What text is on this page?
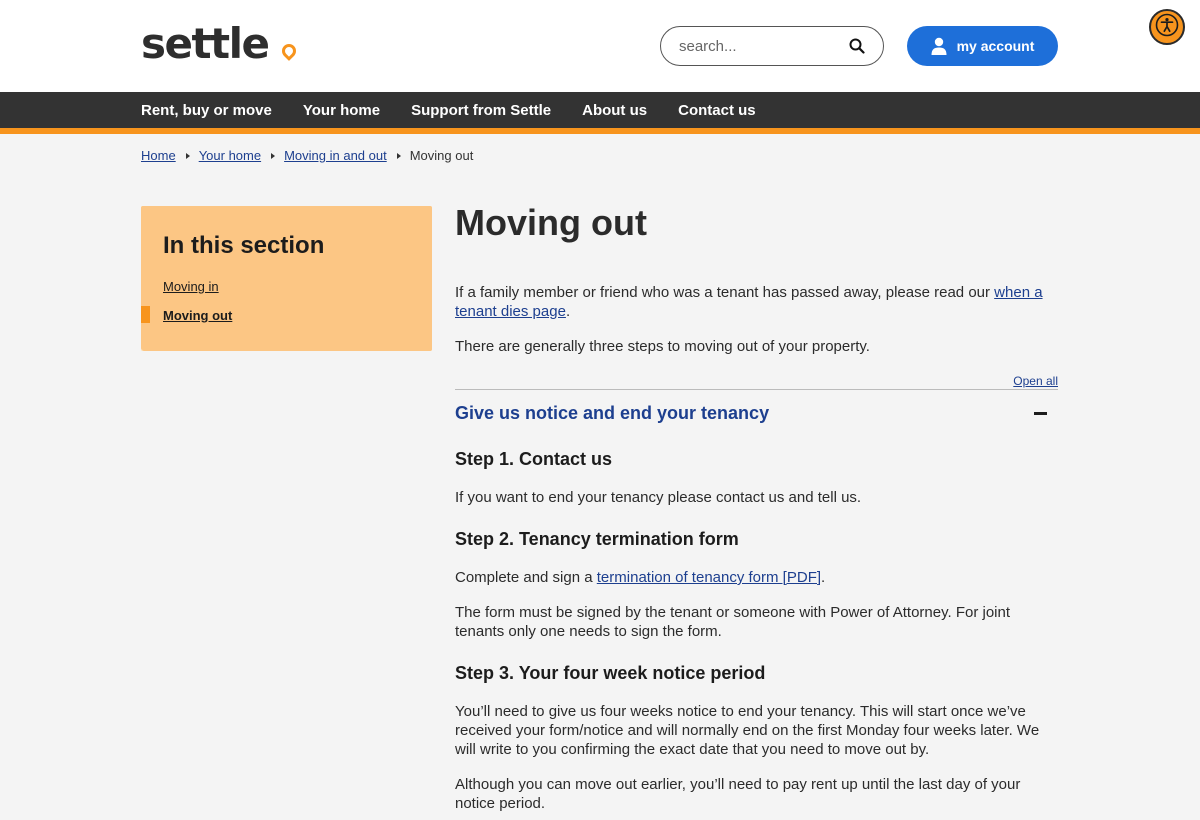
settle
search...	my account
Rent, buy or move Your home Support from Settle About us Contact us
Home Your home Moving in and out Moving out
In this section
Moving in
Moving out
Moving out

If a family member or friend who was a tenant has passed away, please read our when a tenant dies page.

There are generally three steps to moving out of your property.

Open all
Give us notice and end your tenancy
Step 1. Contact us

If you want to end your tenancy please contact us and tell us.

Step 2. Tenancy termination form

Complete and sign a termination of tenancy form [PDF].

The form must be signed by the tenant or someone with Power of Attorney. For joint tenants only one needs to sign the form.

Step 3. Your four week notice period

You’ll need to give us four weeks notice to end your tenancy. This will start once we’ve received your form/notice and will normally end on the first Monday four weeks later. We will write to you confirming the exact date that you need to move out by.

Although you can move out earlier, you’ll need to pay rent up until the last day of your notice period.
